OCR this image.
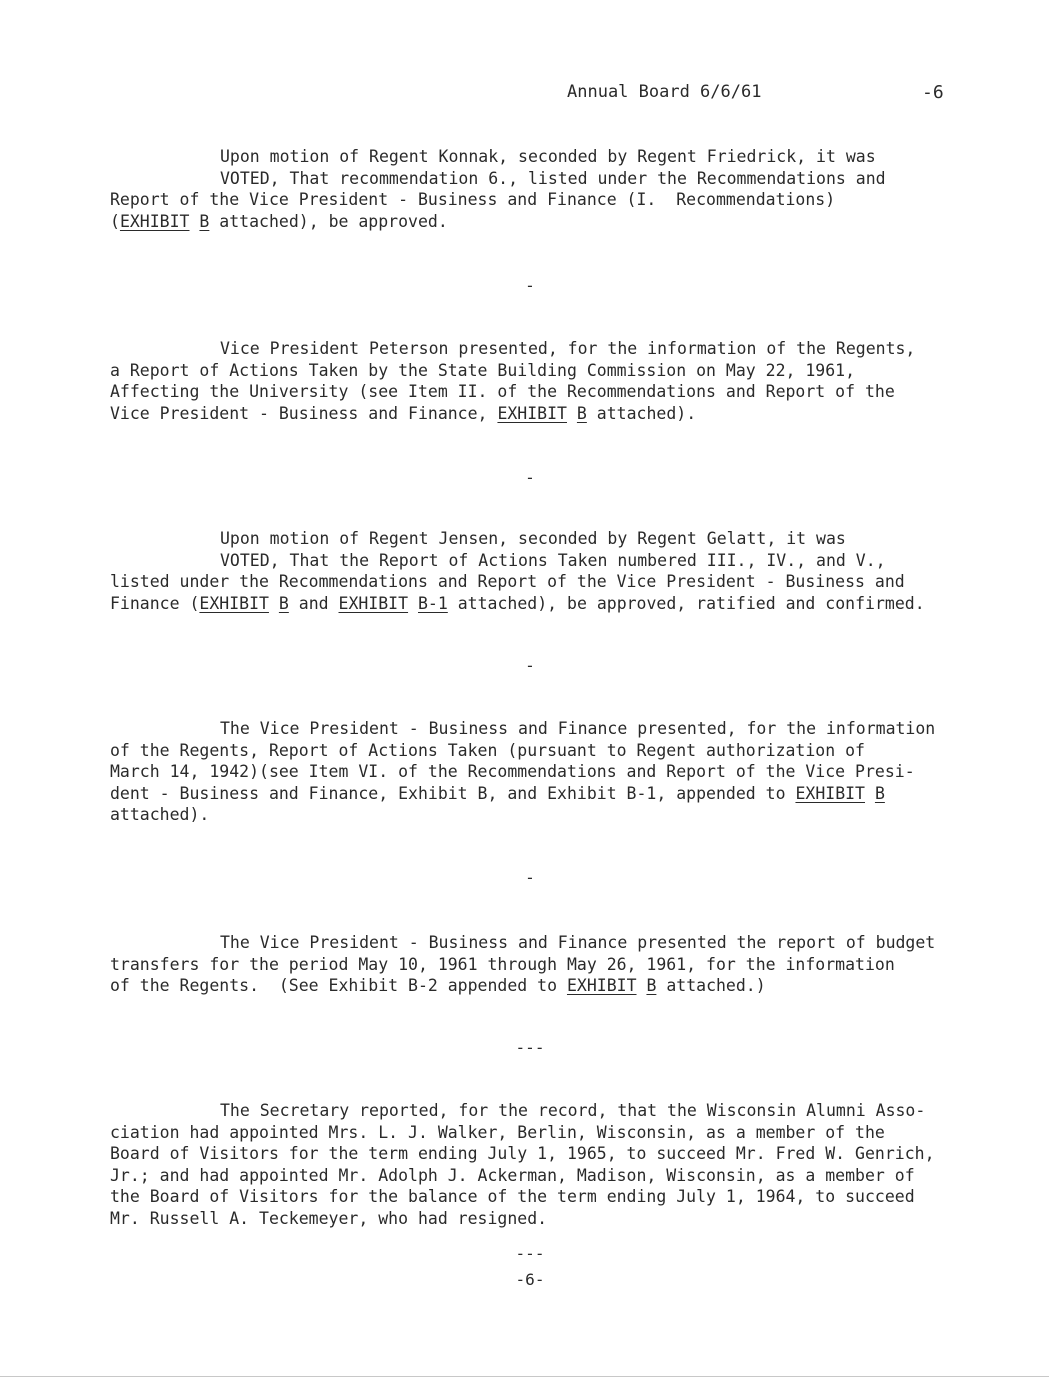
Annual Board 6/6/61	-6
Upon motion of Regent Konnak, seconded by Regent Friedrick, it was
VOTED, That recommendation 6., listed under the Recommendations and
Report of the Vice President - Business and Finance (I.  Recommendations)
(EXHIBIT B attached), be approved.
-
Vice President Peterson presented, for the information of the Regents,
a Report of Actions Taken by the State Building Commission on May 22, 1961,
Affecting the University (see Item II. of the Recommendations and Report of the
Vice President - Business and Finance, EXHIBIT B attached).
-
Upon motion of Regent Jensen, seconded by Regent Gelatt, it was
VOTED, That the Report of Actions Taken numbered III., IV., and V.,
listed under the Recommendations and Report of the Vice President - Business and
Finance (EXHIBIT B and EXHIBIT B-1 attached), be approved, ratified and confirmed.
-
The Vice President - Business and Finance presented, for the information
of the Regents, Report of Actions Taken (pursuant to Regent authorization of
March 14, 1942)(see Item VI. of the Recommendations and Report of the Vice Presi-
dent - Business and Finance, Exhibit B, and Exhibit B-1, appended to EXHIBIT B
attached).
-
The Vice President - Business and Finance presented the report of budget
transfers for the period May 10, 1961 through May 26, 1961, for the information
of the Regents.  (See Exhibit B-2 appended to EXHIBIT B attached.)
---
The Secretary reported, for the record, that the Wisconsin Alumni Asso-
ciation had appointed Mrs. L. J. Walker, Berlin, Wisconsin, as a member of the
Board of Visitors for the term ending July 1, 1965, to succeed Mr. Fred W. Genrich,
Jr.; and had appointed Mr. Adolph J. Ackerman, Madison, Wisconsin, as a member of
the Board of Visitors for the balance of the term ending July 1, 1964, to succeed
Mr. Russell A. Teckemeyer, who had resigned.
---
-6-
